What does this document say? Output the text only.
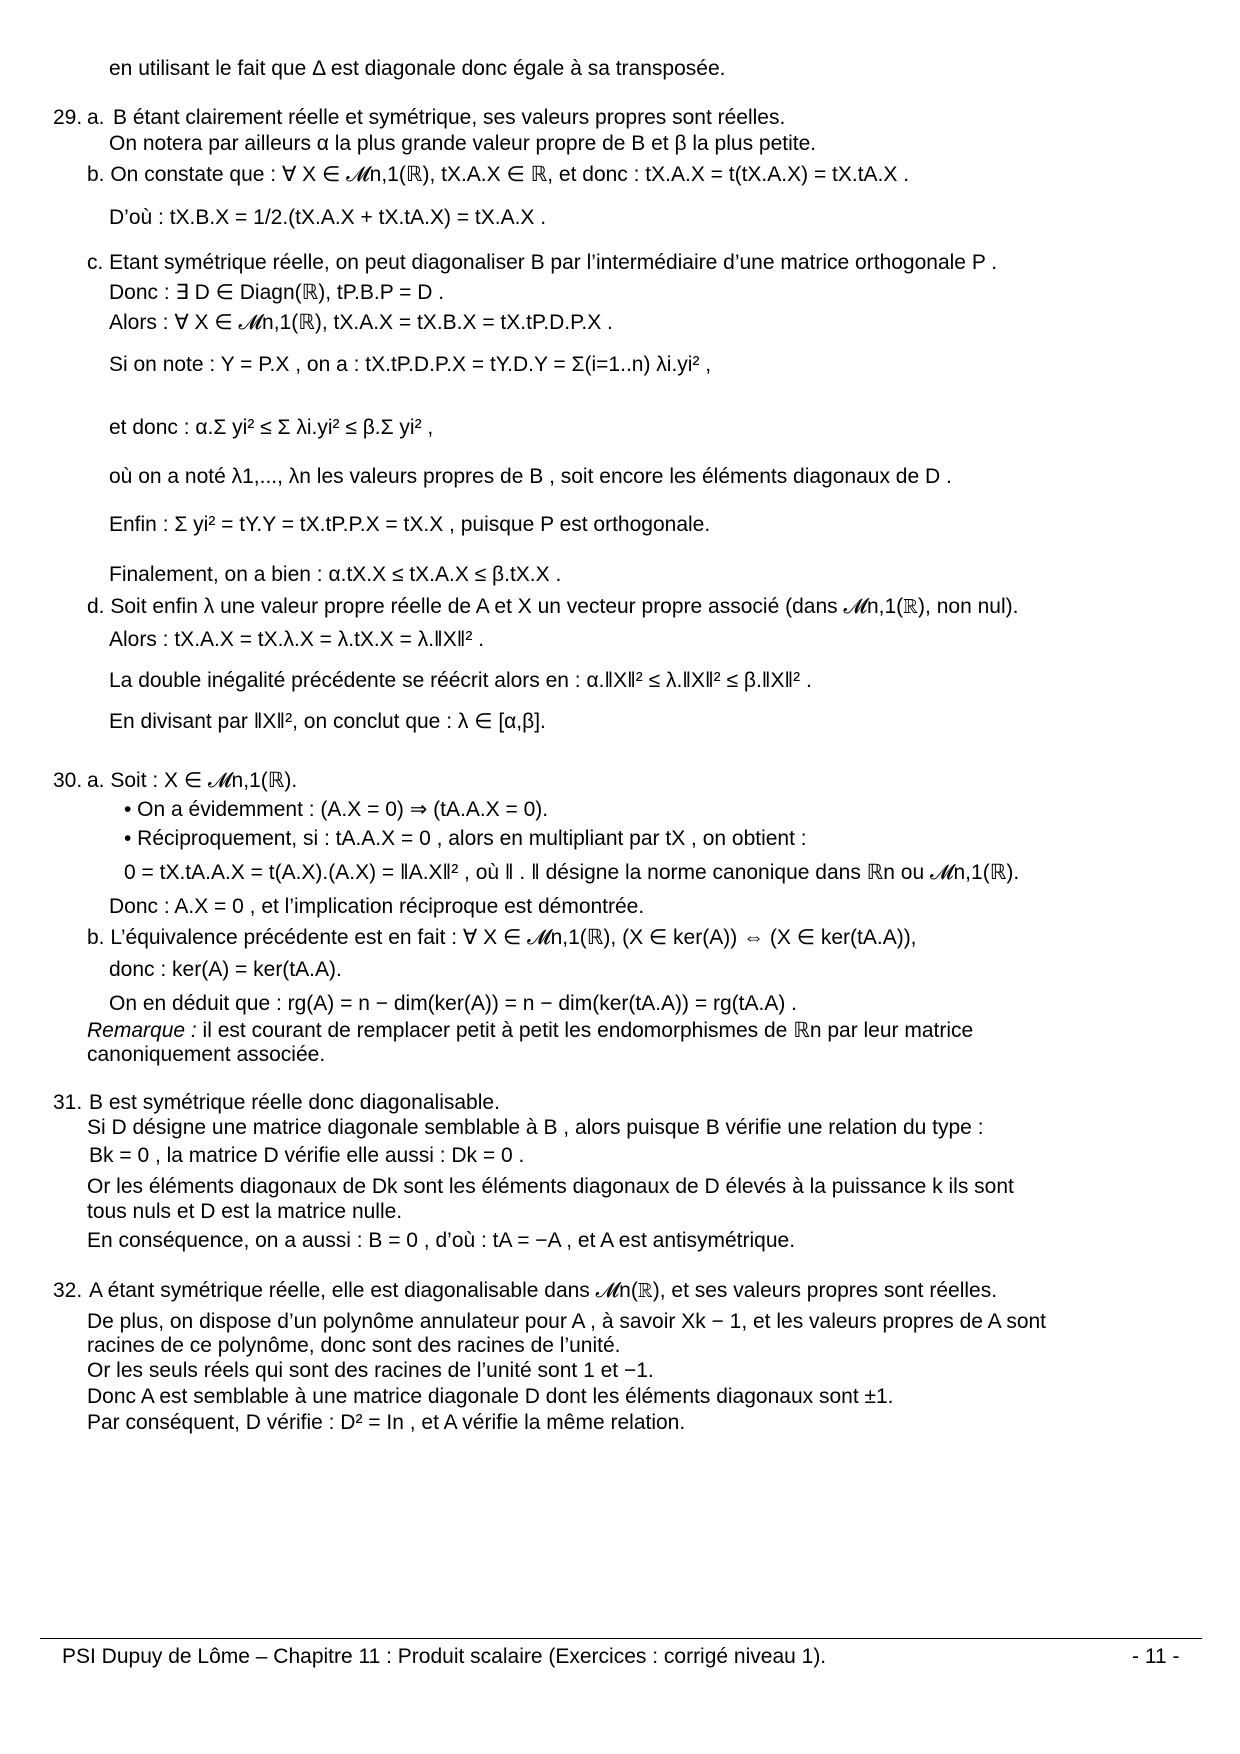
en utilisant le fait que Δ est diagonale donc égale à sa transposée.
29. a. B étant clairement réelle et symétrique, ses valeurs propres sont réelles.
On notera par ailleurs α la plus grande valeur propre de B et β la plus petite.
b. On constate que : ∀ X ∈ 𝓜n,1(ℝ), tX.A.X ∈ ℝ, et donc : tX.A.X = t(tX.A.X) = tX.tA.X .
D’où : tX.B.X = 1/2.(tX.A.X + tX.tA.X) = tX.A.X .
c. Etant symétrique réelle, on peut diagonaliser B par l’intermédiaire d’une matrice orthogonale P .
Donc : ∃ D ∈ Diagn(ℝ), tP.B.P = D .
Alors : ∀ X ∈ 𝓜n,1(ℝ), tX.A.X = tX.B.X = tX.tP.D.P.X .
Si on note : Y = P.X , on a : tX.tP.D.P.X = tY.D.Y = Σ(i=1..n) λi.yi² ,
et donc : α.Σ yi² ≤ Σ λi.yi² ≤ β.Σ yi² ,
où on a noté λ1,..., λn les valeurs propres de B , soit encore les éléments diagonaux de D .
Enfin : Σ yi² = tY.Y = tX.tP.P.X = tX.X , puisque P est orthogonale.
Finalement, on a bien : α.tX.X ≤ tX.A.X ≤ β.tX.X .
d. Soit enfin λ une valeur propre réelle de A et X un vecteur propre associé (dans 𝓜n,1(ℝ), non nul).
Alors : tX.A.X = tX.λ.X = λ.tX.X = λ.‖X‖² .
La double inégalité précédente se réécrit alors en : α.‖X‖² ≤ λ.‖X‖² ≤ β.‖X‖² .
En divisant par ‖X‖², on conclut que : λ ∈ [α,β].
30. a. Soit : X ∈ 𝓜n,1(ℝ).
• On a évidemment : (A.X = 0) ⇒ (tA.A.X = 0).
• Réciproquement, si : tA.A.X = 0 , alors en multipliant par tX , on obtient :
0 = tX.tA.A.X = t(A.X).(A.X) = ‖A.X‖² , où ‖ . ‖ désigne la norme canonique dans ℝn ou 𝓜n,1(ℝ).
Donc : A.X = 0 , et l’implication réciproque est démontrée.
b. L’équivalence précédente est en fait : ∀ X ∈ 𝓜n,1(ℝ), (X ∈ ker(A)) ⇔ (X ∈ ker(tA.A)),
donc : ker(A) = ker(tA.A).
On en déduit que : rg(A) = n − dim(ker(A)) = n − dim(ker(tA.A)) = rg(tA.A) .
Remarque : il est courant de remplacer petit à petit les endomorphismes de ℝn par leur matrice
canoniquement associée.
31. B est symétrique réelle donc diagonalisable.
Si D désigne une matrice diagonale semblable à B , alors puisque B vérifie une relation du type :
Bk = 0 , la matrice D vérifie elle aussi : Dk = 0 .
Or les éléments diagonaux de Dk sont les éléments diagonaux de D élevés à la puissance k ils sont
tous nuls et D est la matrice nulle.
En conséquence, on a aussi : B = 0 , d’où : tA = −A , et A est antisymétrique.
32. A étant symétrique réelle, elle est diagonalisable dans 𝓜n(ℝ), et ses valeurs propres sont réelles.
De plus, on dispose d’un polynôme annulateur pour A , à savoir Xk − 1, et les valeurs propres de A sont
racines de ce polynôme, donc sont des racines de l’unité.
Or les seuls réels qui sont des racines de l’unité sont 1 et −1.
Donc A est semblable à une matrice diagonale D dont les éléments diagonaux sont ±1.
Par conséquent, D vérifie : D² = In , et A vérifie la même relation.
PSI Dupuy de Lôme – Chapitre 11 : Produit scalaire (Exercices : corrigé niveau 1).	- 11 -
